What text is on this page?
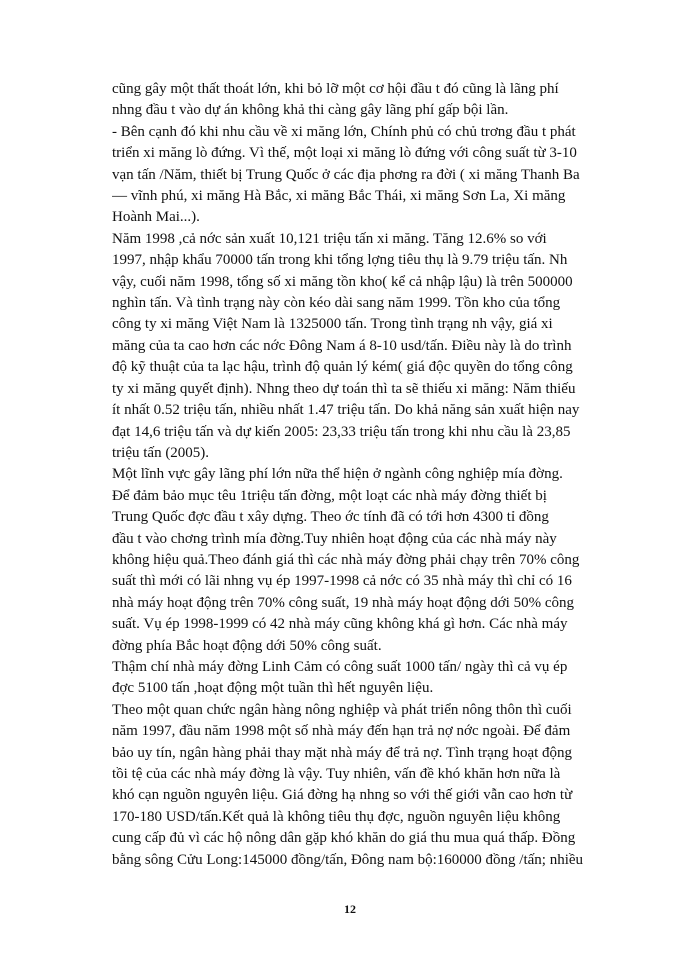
cũng gây một thất thoát lớn, khi bỏ lỡ một cơ hội đầu t đó cũng là lãng phí
nhng đầu t vào dự án không khả thi càng gây lãng phí gấp bội lần.
- Bên cạnh đó khi nhu cầu về xi măng lớn, Chính phủ có chủ trơng đầu t phát
triển xi măng lò đứng. Vì thế, một loại xi măng lò đứng với công suất từ 3-10
vạn tấn /Năm, thiết bị Trung Quốc ở các địa phơng ra đời ( xi măng Thanh Ba
— vĩnh phú, xi măng Hà Bắc, xi măng Bắc Thái, xi măng Sơn La, Xi măng
Hoành Mai...).
Năm 1998 ,cả nớc sản xuất 10,121 triệu tấn xi măng. Tăng 12.6% so với
1997, nhập khẩu 70000 tấn trong khi tổng lợng tiêu thụ là 9.79 triệu tấn. Nh
vậy, cuối năm 1998, tổng số xi măng tồn kho( kể cả nhập lậu) là trên 500000
nghìn tấn. Và tình trạng này còn kéo dài sang năm 1999. Tồn kho của tổng
công ty xi măng Việt Nam là 1325000 tấn. Trong tình trạng nh vậy, giá xi
măng của ta cao hơn các nớc Đông Nam á 8-10 usd/tấn. Điều này là do trình
độ kỹ thuật của ta lạc hậu, trình độ quản lý kém( giá độc quyền do tổng công
ty xi măng quyết định). Nhng theo dự toán thì ta sẽ thiếu xi măng: Năm thiếu
ít nhất 0.52 triệu tấn, nhiều nhất 1.47 triệu tấn. Do khả năng sản xuất hiện nay
đạt 14,6 triệu tấn và dự kiến 2005: 23,33 triệu tấn trong khi nhu cầu là 23,85
triệu tấn (2005).
Một lĩnh vực gây lãng phí lớn nữa thể hiện ở ngành công nghiệp mía đờng.
Để đảm bảo mục têu 1triệu tấn đờng, một loạt các nhà máy đờng thiết bị
Trung Quốc đợc đầu t xây dựng. Theo ớc tính đã có tới hơn 4300 tỉ đồng
đầu t vào chơng trình mía đờng.Tuy nhiên hoạt động của các nhà máy này
không hiệu quả.Theo đánh giá thì các nhà máy đờng phải chạy trên 70% công
suất thì mới có lãi nhng vụ ép 1997-1998 cả nớc có 35 nhà máy thì chỉ có 16
nhà máy hoạt động trên 70% công suất, 19 nhà máy hoạt động dới 50% công
suất. Vụ ép 1998-1999 có 42 nhà máy cũng không khá gì hơn. Các nhà máy
đờng phía Bắc hoạt động dới 50% công suất.
Thậm chí nhà máy đờng Linh Cảm có công suất 1000 tấn/ ngày thì cả vụ ép
đợc 5100 tấn ,hoạt động một tuần thì hết nguyên liệu.
Theo một quan chức ngân hàng nông nghiệp và phát triển nông thôn thì cuối
năm 1997, đầu năm 1998 một số nhà máy đến hạn trả nợ nớc ngoài. Để đảm
bảo uy tín, ngân hàng phải thay mặt nhà máy để trả nợ. Tình trạng hoạt động
tồi tệ của các nhà máy đờng là vậy. Tuy nhiên, vấn đề khó khăn hơn nữa là
khó cạn nguồn nguyên liệu. Giá đờng hạ nhng so với thế giới vẫn cao hơn từ
170-180 USD/tấn.Kết quả là không tiêu thụ đợc, nguồn nguyên liệu không
cung cấp đủ vì các hộ nông dân gặp khó khăn do giá thu mua quá thấp. Đồng
bằng sông Cửu Long:145000 đồng/tấn, Đông nam bộ:160000 đồng /tấn; nhiều
12
